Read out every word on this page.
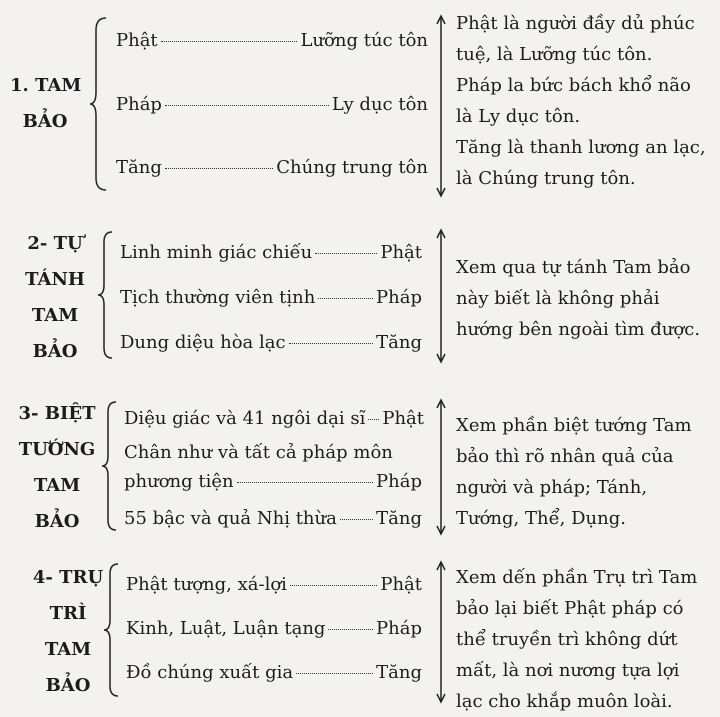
1. TAM
BẢO
Phật	Lưỡng túc tôn
Pháp	Ly dục tôn
Tăng	Chúng trung tôn
Phật là người đầy dủ phúc
tuệ, là Lưỡng túc tôn.
Pháp la bức bách khổ não
là Ly dục tôn.
Tăng là thanh lương an lạc,
là Chúng trung tôn.
2- TỰ
TÁNH
TAM
BẢO
Linh minh giác chiếu	Phật
Tịch thường viên tịnh	Pháp
Dung diệu hòa lạc	Tăng
Xem qua tự tánh Tam bảo
này biết là không phải
hướng bên ngoài tìm được.
3- BIỆT
TƯỚNG
TAM
BẢO
Diệu giác và 41 ngôi dại sĩ Phật
Chân như và tất cả pháp môn
phương tiện	Pháp
55 bậc và quả Nhị thừa Tăng
Xem phần biệt tướng Tam
bảo thì rõ nhân quả của
người và pháp; Tánh,
Tướng, Thể, Dụng.
4- TRỤ
TRÌ
TAM
BẢO
Phật tượng, xá-lợi	Phật
Kinh, Luật, Luận tạng	Pháp
Đồ chúng xuất gia	Tăng
Xem dến phần Trụ trì Tam
bảo lại biết Phật pháp có
thể truyền trì không dứt
mất, là nơi nương tựa lợi
lạc cho khắp muôn loài.
